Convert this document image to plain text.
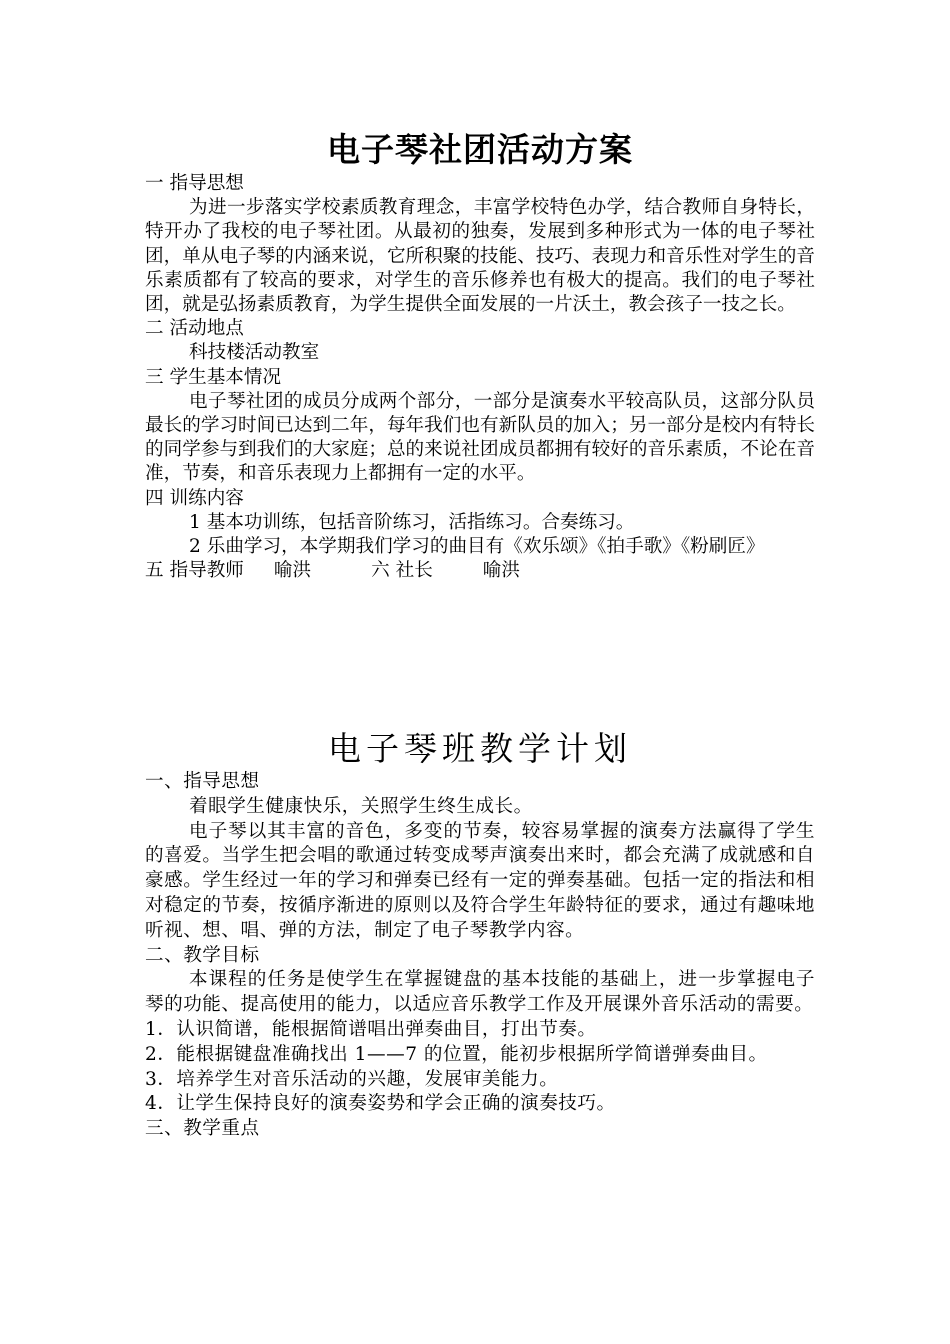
电子琴社团活动方案

一 指导思想

为进一步落实学校素质教育理念，丰富学校特色办学，结合教师自身特长，特开办了我校的电子琴社团。从最初的独奏，发展到多种形式为一体的电子琴社团，单从电子琴的内涵来说，它所积聚的技能、技巧、表现力和音乐性对学生的音乐素质都有了较高的要求，对学生的音乐修养也有极大的提高。我们的电子琴社团，就是弘扬素质教育，为学生提供全面发展的一片沃土，教会孩子一技之长。

二 活动地点

科技楼活动教室

三 学生基本情况

电子琴社团的成员分成两个部分，一部分是演奏水平较高队员，这部分队员最长的学习时间已达到二年，每年我们也有新队员的加入；另一部分是校内有特长的同学参与到我们的大家庭；总的来说社团成员都拥有较好的音乐素质，不论在音准，节奏，和音乐表现力上都拥有一定的水平。

四 训练内容

1 基本功训练，包括音阶练习，活指练习。合奏练习。

2 乐曲学习，本学期我们学习的曲目有《欢乐颂》《拍手歌》《粉刷匠》

五 指导教师 喻洪	六 社长	喻洪

电子琴班教学计划

一、指导思想

着眼学生健康快乐，关照学生终生成长。

电子琴以其丰富的音色，多变的节奏，较容易掌握的演奏方法赢得了学生的喜爱。当学生把会唱的歌通过转变成琴声演奏出来时，都会充满了成就感和自豪感。学生经过一年的学习和弹奏已经有一定的弹奏基础。包括一定的指法和相对稳定的节奏，按循序渐进的原则以及符合学生年龄特征的要求，通过有趣味地听视、想、唱、弹的方法，制定了电子琴教学内容。

二、教学目标

本课程的任务是使学生在掌握键盘的基本技能的基础上，进一步掌握电子琴的功能、提高使用的能力，以适应音乐教学工作及开展课外音乐活动的需要。

1．认识简谱，能根据简谱唱出弹奏曲目，打出节奏。

2．能根据键盘准确找出 1——7 的位置，能初步根据所学简谱弹奏曲目。

3．培养学生对音乐活动的兴趣，发展审美能力。

4．让学生保持良好的演奏姿势和学会正确的演奏技巧。

三、教学重点
